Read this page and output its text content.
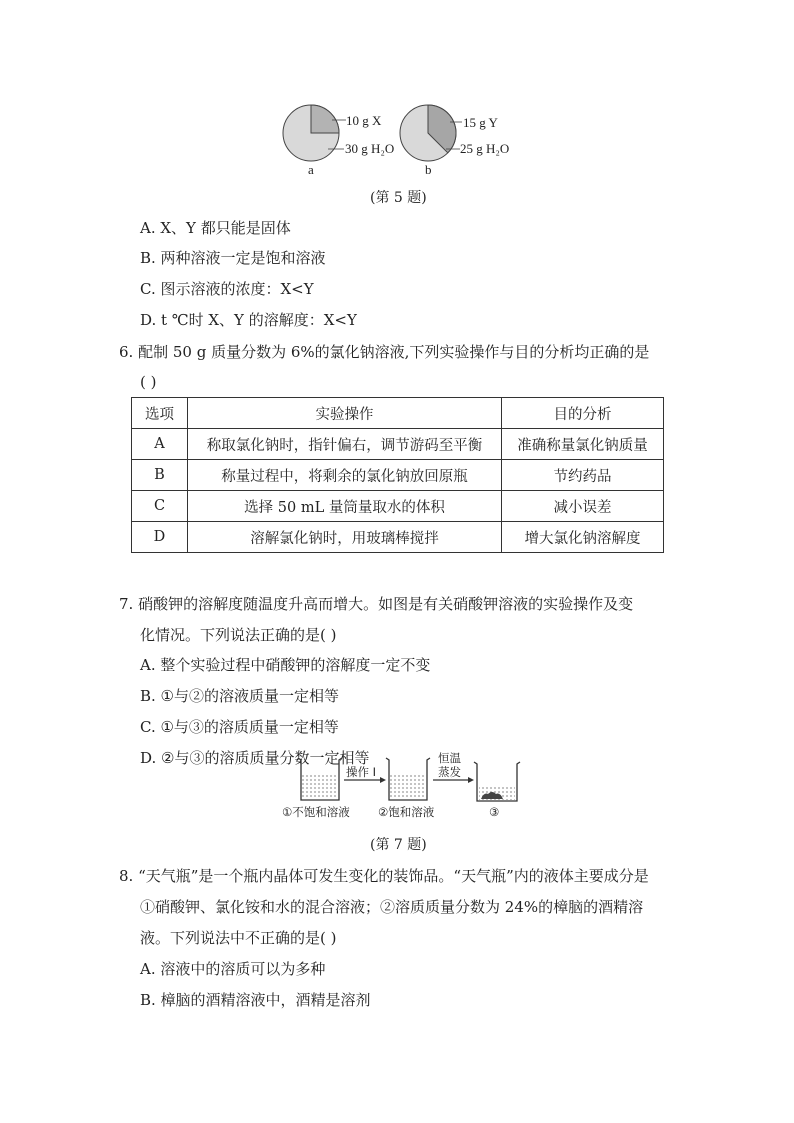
10 g X
30 g H₂O
a
15 g Y
25 g H₂O
b
(第 5 题)
A. X、Y 都只能是固体
B. 两种溶液一定是饱和溶液
C. 图示溶液的浓度：X<Y
D. t ℃时 X、Y 的溶解度：X<Y
6. 配制 50 g 质量分数为 6%的氯化钠溶液,下列实验操作与目的分析均正确的是
( )
选项	实验操作	目的分析
A	称取氯化钠时，指针偏右，调节游码至平衡	准确称量氯化钠质量
B	称量过程中，将剩余的氯化钠放回原瓶	节约药品
C	选择 50 mL 量筒量取水的体积	减小误差
D	溶解氯化钠时，用玻璃棒搅拌	增大氯化钠溶解度
7. 硝酸钾的溶解度随温度升高而增大。如图是有关硝酸钾溶液的实验操作及变
化情况。下列说法正确的是( )
A. 整个实验过程中硝酸钾的溶解度一定不变
B. ①与②的溶液质量一定相等
C. ①与③的溶质质量一定相等
D. ②与③的溶质质量分数一定相等
操作 I
恒温
蒸发
①不饱和溶液 ②饱和溶液	③
(第 7 题)
8. “天气瓶”是一个瓶内晶体可发生变化的装饰品。“天气瓶”内的液体主要成分是
①硝酸钾、氯化铵和水的混合溶液；②溶质质量分数为 24%的樟脑的酒精溶
液。下列说法中不正确的是( )
A. 溶液中的溶质可以为多种
B. 樟脑的酒精溶液中，酒精是溶剂
